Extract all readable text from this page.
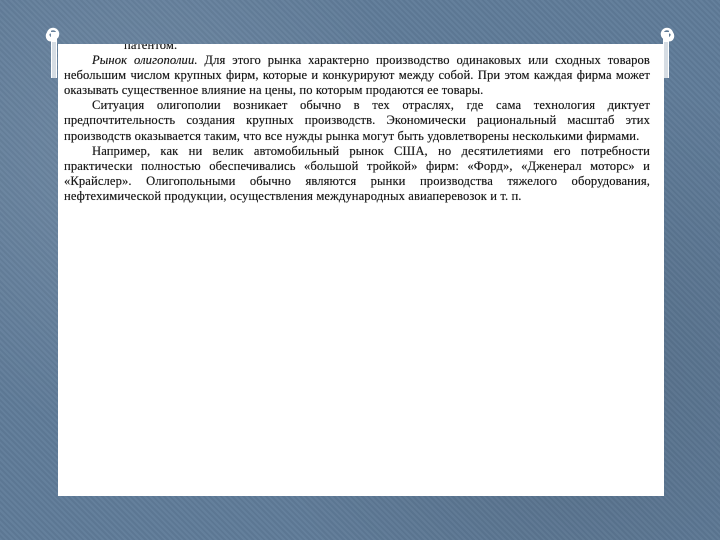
патентом.

Рынок олигополии. Для этого рынка характерно производство одинаковых или сходных товаров небольшим числом крупных фирм, которые и конкурируют между собой. При этом каждая фирма может оказывать существенное влияние на цены, по которым продаются ее товары.

Ситуация олигополии возникает обычно в тех отраслях, где сама технология диктует предпочтительность создания крупных производств. Экономически рациональный масштаб этих производств оказывается таким, что все нужды рынка могут быть удовлетворены несколькими фирмами.

Например, как ни велик автомобильный рынок США, но десятилетиями его потребности практически полностью обеспечивались «большой тройкой» фирм: «Форд», «Дженерал моторс» и «Крайслер». Олигопольными обычно являются рынки производства тяжелого оборудования, нефтехимической продукции, осуществления международных авиаперевозок и т. п.
